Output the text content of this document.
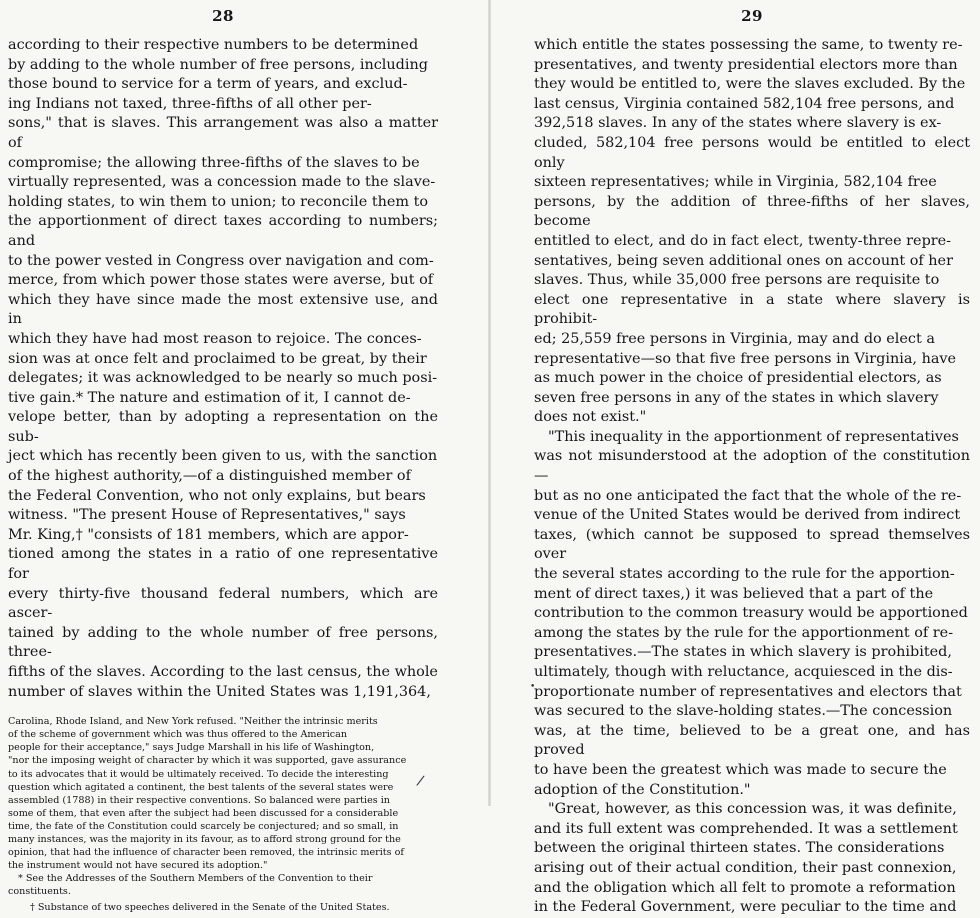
28
according to their respective numbers to be determined
by adding to the whole number of free persons, including
those bound to service for a term of years, and exclud-
ing Indians not taxed, three-fifths of all other per-
sons," that is slaves. This arrangement was also a matter of
compromise; the allowing three-fifths of the slaves to be
virtually represented, was a concession made to the slave-
holding states, to win them to union; to reconcile them to
the apportionment of direct taxes according to numbers; and
to the power vested in Congress over navigation and com-
merce, from which power those states were averse, but of
which they have since made the most extensive use, and in
which they have had most reason to rejoice. The conces-
sion was at once felt and proclaimed to be great, by their
delegates; it was acknowledged to be nearly so much posi-
tive gain.* The nature and estimation of it, I cannot de-
velope better, than by adopting a representation on the sub-
ject which has recently been given to us, with the sanction
of the highest authority,—of a distinguished member of
the Federal Convention, who not only explains, but bears
witness. "The present House of Representatives," says
Mr. King,† "consists of 181 members, which are appor-
tioned among the states in a ratio of one representative for
every thirty-five thousand federal numbers, which are ascer-
tained by adding to the whole number of free persons, three-
fifths of the slaves. According to the last census, the whole
number of slaves within the United States was 1,191,364,
Carolina, Rhode Island, and New York refused. "Neither the intrinsic merits
of the scheme of government which was thus offered to the American
people for their acceptance," says Judge Marshall in his life of Washington,
"nor the imposing weight of character by which it was supported, gave assurance
to its advocates that it would be ultimately received. To decide the interesting
question which agitated a continent, the best talents of the several states were
assembled (1788) in their respective conventions. So balanced were parties in
some of them, that even after the subject had been discussed for a considerable
time, the fate of the Constitution could scarcely be conjectured; and so small, in
many instances, was the majority in its favour, as to afford strong ground for the
opinion, that had the influence of character been removed, the intrinsic merits of
the instrument would not have secured its adoption."
* See the Addresses of the Southern Members of the Convention to their
constituents.
† Substance of two speeches delivered in the Senate of the United States.
/
29
which entitle the states possessing the same, to twenty re-
presentatives, and twenty presidential electors more than
they would be entitled to, were the slaves excluded. By the
last census, Virginia contained 582,104 free persons, and
392,518 slaves. In any of the states where slavery is ex-
cluded, 582,104 free persons would be entitled to elect only
sixteen representatives; while in Virginia, 582,104 free
persons, by the addition of three-fifths of her slaves, become
entitled to elect, and do in fact elect, twenty-three repre-
sentatives, being seven additional ones on account of her
slaves. Thus, while 35,000 free persons are requisite to
elect one representative in a state where slavery is prohibit-
ed; 25,559 free persons in Virginia, may and do elect a
representative—so that five free persons in Virginia, have
as much power in the choice of presidential electors, as
seven free persons in any of the states in which slavery
does not exist."
"This inequality in the apportionment of representatives
was not misunderstood at the adoption of the constitution—
but as no one anticipated the fact that the whole of the re-
venue of the United States would be derived from indirect
taxes, (which cannot be supposed to spread themselves over
the several states according to the rule for the apportion-
ment of direct taxes,) it was believed that a part of the
contribution to the common treasury would be apportioned
among the states by the rule for the apportionment of re-
presentatives.—The states in which slavery is prohibited,
ultimately, though with reluctance, acquiesced in the dis-
proportionate number of representatives and electors that
was secured to the slave-holding states.—The concession
was, at the time, believed to be a great one, and has proved
to have been the greatest which was made to secure the
adoption of the Constitution."
"Great, however, as this concession was, it was definite,
and its full extent was comprehended. It was a settlement
between the original thirteen states. The considerations
arising out of their actual condition, their past connexion,
and the obligation which all felt to promote a reformation
in the Federal Government, were peculiar to the time and
•
